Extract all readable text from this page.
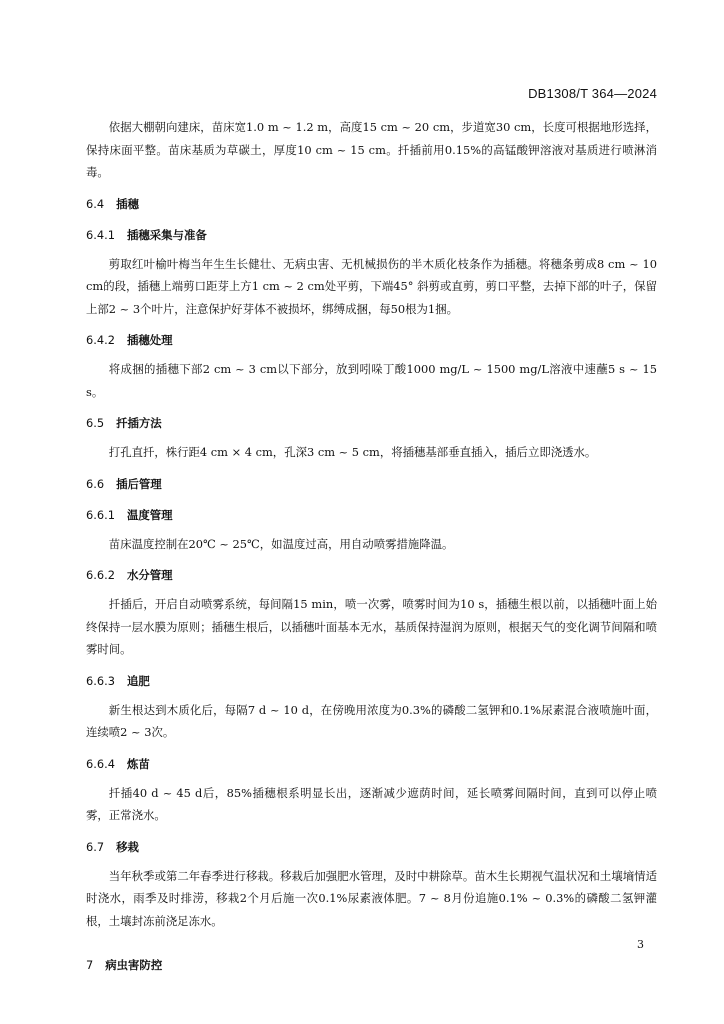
DB1308/T 364—2024

依据大棚朝向建床，苗床宽1.0 m ~ 1.2 m，高度15 cm ~ 20 cm，步道宽30 cm，长度可根据地形选择，保持床面平整。苗床基质为草碳土，厚度10 cm ~ 15 cm。扦插前用0.15%的高锰酸钾溶液对基质进行喷淋消毒。

6.4 插穗
6.4.1 插穗采集与准备

剪取红叶榆叶梅当年生生长健壮、无病虫害、无机械损伤的半木质化枝条作为插穗。将穗条剪成8 cm ~ 10 cm的段，插穗上端剪口距芽上方1 cm ~ 2 cm处平剪，下端45° 斜剪或直剪，剪口平整，去掉下部的叶子，保留上部2 ~ 3个叶片，注意保护好芽体不被损坏，绑缚成捆，每50根为1捆。

6.4.2 插穗处理

将成捆的插穗下部2 cm ~ 3 cm以下部分，放到吲哚丁酸1000 mg/L ~ 1500 mg/L溶液中速蘸5 s ~ 15 s。

6.5 扦插方法

打孔直扦，株行距4 cm × 4 cm，孔深3 cm ~ 5 cm，将插穗基部垂直插入，插后立即浇透水。

6.6 插后管理
6.6.1 温度管理

苗床温度控制在20℃ ~ 25℃，如温度过高，用自动喷雾措施降温。

6.6.2 水分管理

扦插后，开启自动喷雾系统，每间隔15 min，喷一次雾，喷雾时间为10 s，插穗生根以前，以插穗叶面上始终保持一层水膜为原则；插穗生根后，以插穗叶面基本无水，基质保持湿润为原则，根据天气的变化调节间隔和喷雾时间。

6.6.3 追肥

新生根达到木质化后，每隔7 d ~ 10 d，在傍晚用浓度为0.3%的磷酸二氢钾和0.1%尿素混合液喷施叶面，连续喷2 ~ 3次。

6.6.4 炼苗

扦插40 d ~ 45 d后，85%插穗根系明显长出，逐渐减少遮荫时间，延长喷雾间隔时间，直到可以停止喷雾，正常浇水。

6.7 移栽

当年秋季或第二年春季进行移栽。移栽后加强肥水管理，及时中耕除草。苗木生长期视气温状况和土壤墒情适时浇水，雨季及时排涝，移栽2个月后施一次0.1%尿素液体肥。7 ~ 8月份追施0.1% ~ 0.3%的磷酸二氢钾灌根，土壤封冻前浇足冻水。

7 病虫害防控
3
